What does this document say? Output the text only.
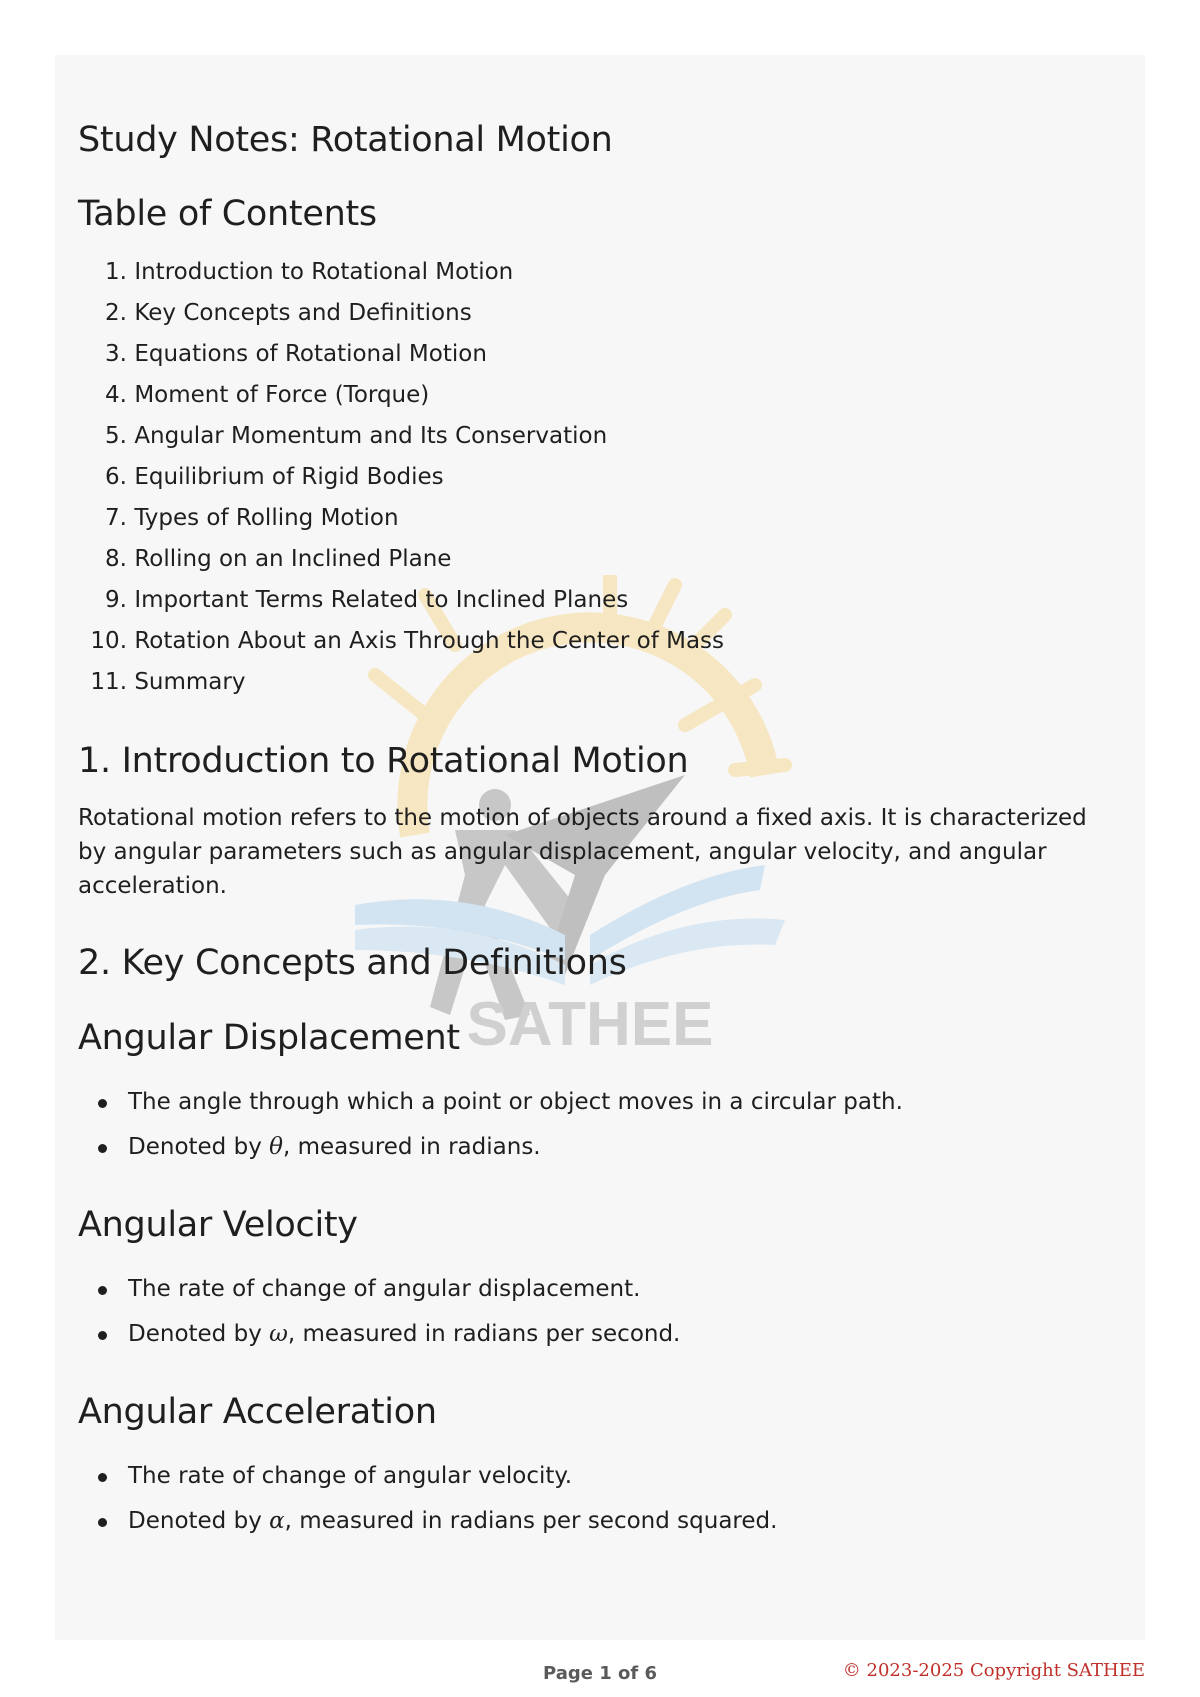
SATHEE
Study Notes: Rotational Motion
Table of Contents
1.
Introduction to Rotational Motion
2.
Key Concepts and Definitions
3.
Equations of Rotational Motion
4.
Moment of Force (Torque)
5.
Angular Momentum and Its Conservation
6.
Equilibrium of Rigid Bodies
7.
Types of Rolling Motion
8.
Rolling on an Inclined Plane
9.
Important Terms Related to Inclined Planes
10.
Rotation About an Axis Through the Center of Mass
11.
Summary
1. Introduction to Rotational Motion

Rotational motion refers to the motion of objects around a fixed axis. It is characterized by angular parameters such as angular displacement, angular velocity, and angular acceleration.

2. Key Concepts and Definitions
Angular Displacement
The angle through which a point or object moves in a circular path.
Denoted by θ, measured in radians.
Angular Velocity
The rate of change of angular displacement.
Denoted by ω, measured in radians per second.
Angular Acceleration
The rate of change of angular velocity.
Denoted by α, measured in radians per second squared.
Page 1 of 6	© 2023-2025 Copyright SATHEE
